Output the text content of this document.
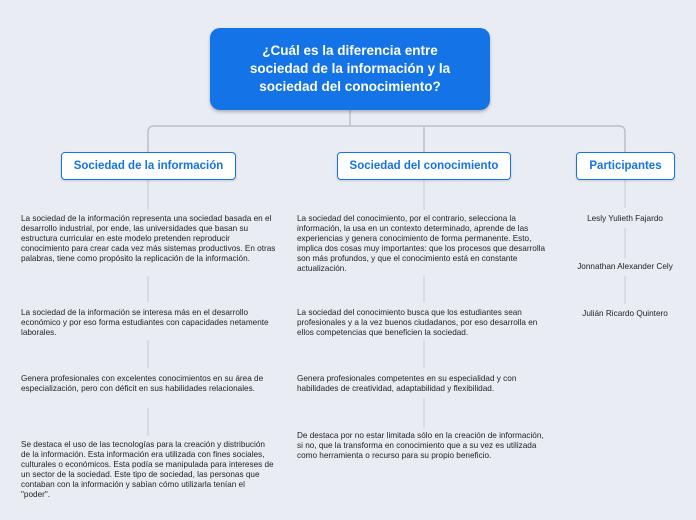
¿Cuál es la diferencia entre sociedad de la información y la sociedad del conocimiento?
Sociedad de la información	Sociedad del conocimiento	Participantes
La sociedad de la información representa una sociedad basada en el desarrollo industrial, por ende, las universidades que basan su estructura curricular en este modelo pretenden reproducir conocimiento para crear cada vez más sistemas productivos. En otras palabras, tiene como propósito la replicación de la información.
La sociedad de la información se interesa más en el desarrollo económico y por eso forma estudiantes con capacidades netamente laborales.
Genera profesionales con excelentes conocimientos en su área de especialización, pero con déficit en sus habilidades relacionales.
Se destaca el uso de las tecnologías para la creación y distribución de la información. Esta información era utilizada con fines sociales, culturales o económicos. Esta podía se manipulada para intereses de un sector de la sociedad. Este tipo de sociedad, las personas que contaban con la información y sabían cómo utilizarla tenían el "poder".
La sociedad del conocimiento, por el contrario, selecciona la información, la usa en un contexto determinado, aprende de las experiencias y genera conocimiento de forma permanente. Esto, implica dos cosas muy importantes: que los procesos que desarrolla son más profundos, y que el conocimiento está en constante actualización.
La sociedad del conocimiento busca que los estudiantes sean profesionales y a la vez buenos ciudadanos, por eso desarrolla en ellos competencias que beneficien la sociedad.
Genera profesionales competentes en su especialidad y con habilidades de creatividad, adaptabilidad y flexibilidad.
De destaca por no estar limitada sólo en la creación de información, si no, que la transforma en conocimiento que a su vez es utilizada como herramienta o recurso para su propio beneficio.
Lesly Yulieth Fajardo
Jonnathan Alexander Cely
Julián Ricardo Quintero
